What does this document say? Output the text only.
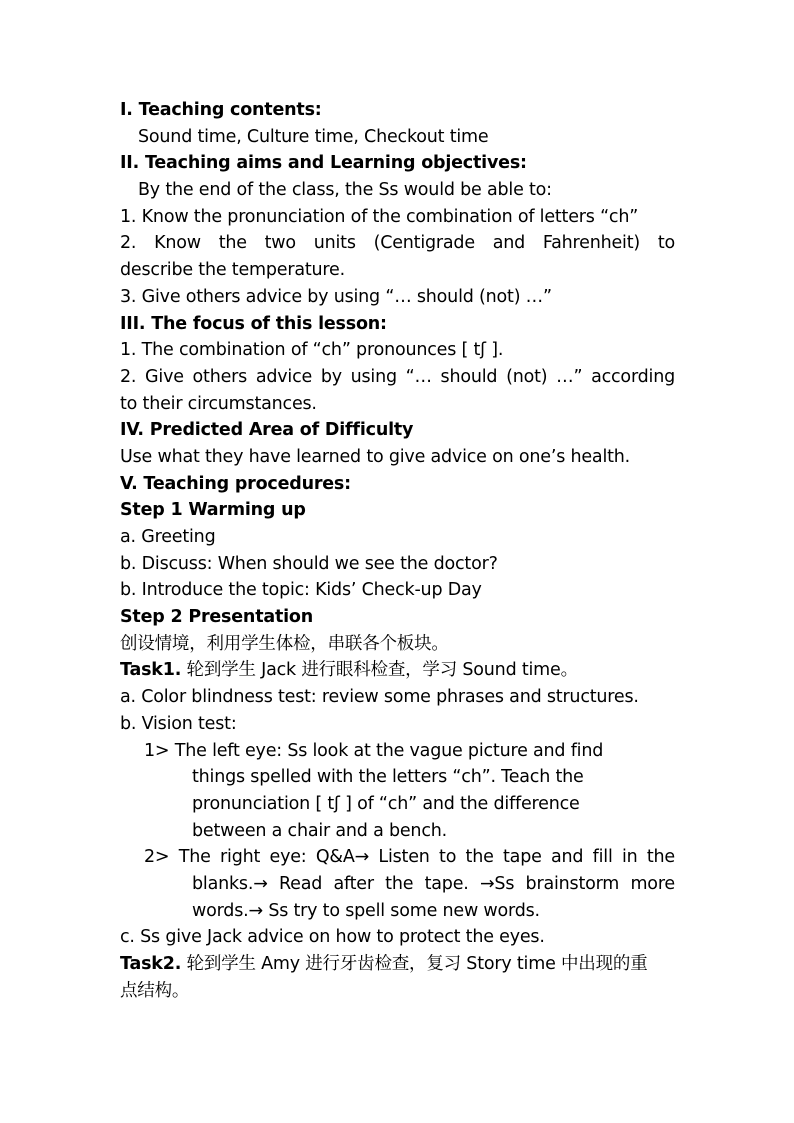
I. Teaching contents:
Sound time, Culture time, Checkout time
II. Teaching aims and Learning objectives:
By the end of the class, the Ss would be able to:
1. Know the pronunciation of the combination of letters “ch”
2. Know the two units (Centigrade and Fahrenheit) to
describe the temperature.
3. Give others advice by using “… should (not) …”
III. The focus of this lesson:
1. The combination of “ch” pronounces [ tʃ ].
2. Give others advice by using “… should (not) …” according
to their circumstances.
IV. Predicted Area of Difficulty
Use what they have learned to give advice on one’s health.
V. Teaching procedures:
Step 1 Warming up
a. Greeting
b. Discuss: When should we see the doctor?
b. Introduce the topic: Kids’ Check-up Day
Step 2 Presentation
创设情境，利用学生体检，串联各个板块。
Task1. 轮到学生 Jack 进行眼科检查，学习 Sound time。
a. Color blindness test: review some phrases and structures.
b. Vision test:
1> The left eye: Ss look at the vague picture and find
things spelled with the letters “ch”. Teach the
pronunciation [ tʃ ] of “ch” and the difference
between a chair and a bench.
2> The right eye: Q&A→ Listen to the tape and fill in the
blanks.→ Read after the tape. →Ss brainstorm more
words.→ Ss try to spell some new words.
c. Ss give Jack advice on how to protect the eyes.
Task2. 轮到学生 Amy 进行牙齿检查，复习 Story time 中出现的重
点结构。
